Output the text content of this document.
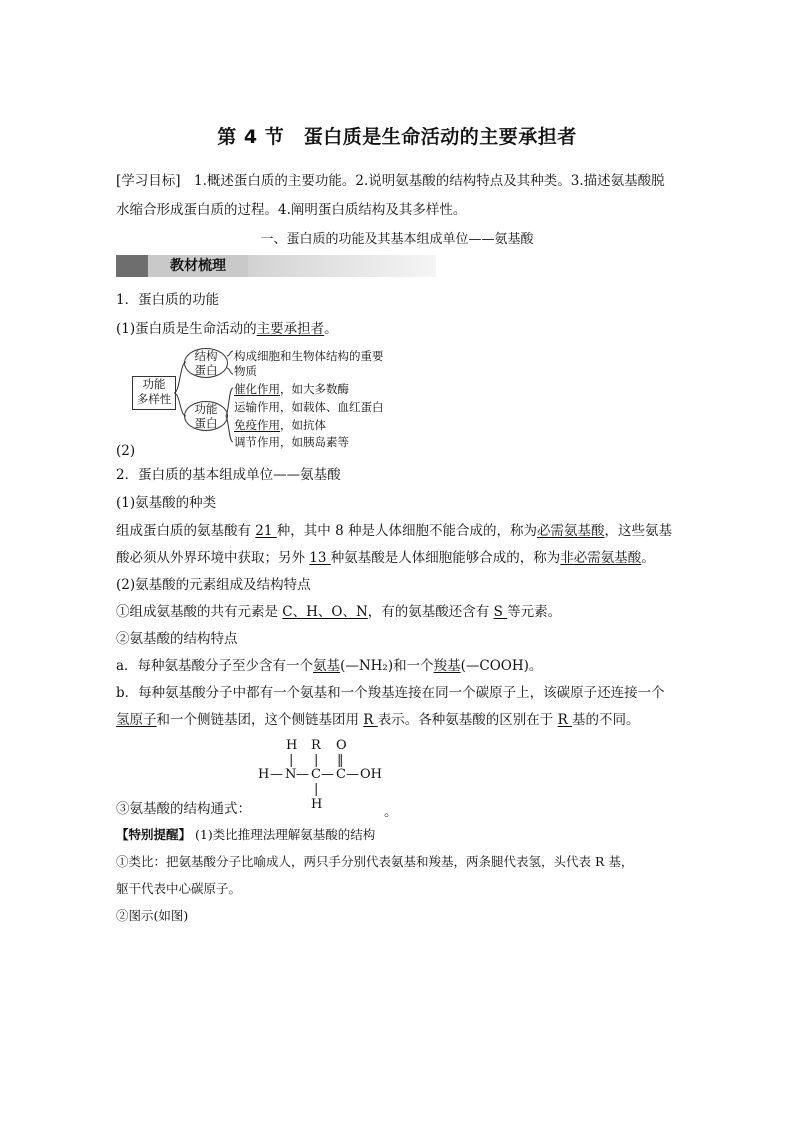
第 4 节　蛋白质是生命活动的主要承担者
[学习目标]　1.概述蛋白质的主要功能。2.说明氨基酸的结构特点及其种类。3.描述氨基酸脱
水缩合形成蛋白质的过程。4.阐明蛋白质结构及其多样性。
一、蛋白质的功能及其基本组成单位——氨基酸
教材梳理
1．蛋白质的功能
(1)蛋白质是生命活动的主要承担者。
功能
多样性
结构
蛋白
构成细胞和生物体结构的重要
物质
功能
蛋白
催化作用，如大多数酶
运输作用，如载体、血红蛋白
免疫作用，如抗体
调节作用，如胰岛素等
(2)
2．蛋白质的基本组成单位——氨基酸
(1)氨基酸的种类
组成蛋白质的氨基酸有 21 种，其中 8 种是人体细胞不能合成的，称为必需氨基酸，这些氨基
酸必须从外界环境中获取；另外 13 种氨基酸是人体细胞能够合成的，称为非必需氨基酸。
(2)氨基酸的元素组成及结构特点
①组成氨基酸的共有元素是 C、H、O、N，有的氨基酸还含有 S 等元素。
②氨基酸的结构特点
a．每种氨基酸分子至少含有一个氨基(—NH₂)和一个羧基(—COOH)。
b．每种氨基酸分子中都有一个氨基和一个羧基连接在同一个碳原子上，该碳原子还连接一个
氢原子和一个侧链基团，这个侧链基团用 R 表示。各种氨基酸的区别在于 R 基的不同。
H R O
| | ‖
H — N — C — C — OH
|
H
③氨基酸的结构通式：	。
【特别提醒】 (1)类比推理法理解氨基酸的结构
①类比：把氨基酸分子比喻成人，两只手分别代表氨基和羧基，两条腿代表氢，头代表 R 基，
躯干代表中心碳原子。
②图示(如图)
